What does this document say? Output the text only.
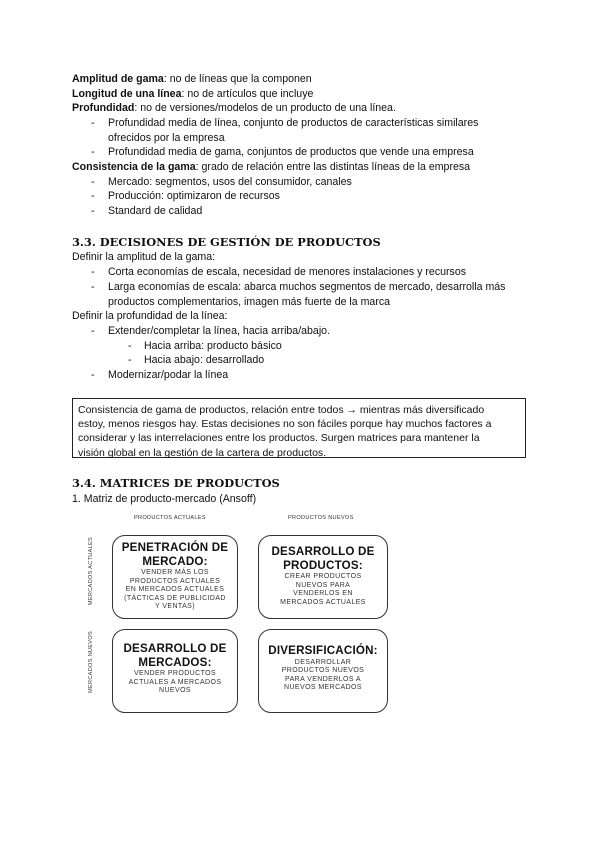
Amplitud de gama: no de líneas que la componen
Longitud de una línea: no de artículos que incluye
Profundidad: no de versiones/modelos de un producto de una línea.
- Profundidad media de línea, conjunto de productos de características similares
ofrecidos por la empresa
- Profundidad media de gama, conjuntos de productos que vende una empresa
Consistencia de la gama: grado de relación entre las distintas líneas de la empresa
- Mercado: segmentos, usos del consumidor, canales
- Producción: optimizaron de recursos
- Standard de calidad
3.3. DECISIONES DE GESTIÓN DE PRODUCTOS
Definir la amplitud de la gama:
- Corta economías de escala, necesidad de menores instalaciones y recursos
- Larga economías de escala: abarca muchos segmentos de mercado, desarrolla más
productos complementarios, imagen más fuerte de la marca
Definir la profundidad de la línea:
- Extender/completar la línea, hacia arriba/abajo.
- Hacia arriba: producto básico
- Hacia abajo: desarrollado
- Modernizar/podar la línea

Consistencia de gama de productos, relación entre todos → mientras más diversificado

estoy, menos riesgos hay. Estas decisiones no son fáciles porque hay muchos factores a

considerar y las interrelaciones entre los productos. Surgen matrices para mantener la

visión global en la gestión de la cartera de productos.

3.4. MATRICES DE PRODUCTOS
1. Matriz de producto-mercado (Ansoff)
PRODUCTOS ACTUALES	PRODUCTOS NUEVOS
MERCADOS ACTUALES
MERCADOS NUEVOS
PENETRACIÓN DE
MERCADO:
VENDER MÁS LOS
PRODUCTOS ACTUALES
EN MERCADOS ACTUALES
(TÁCTICAS DE PUBLICIDAD
Y VENTAS)
DESARROLLO DE
PRODUCTOS:
CREAR PRODUCTOS
NUEVOS PARA
VENDERLOS EN
MERCADOS ACTUALES
DESARROLLO DE
MERCADOS:
VENDER PRODUCTOS
ACTUALES A MERCADOS
NUEVOS
DIVERSIFICACIÓN:
DESARROLLAR
PRODUCTOS NUEVOS
PARA VENDERLOS A
NUEVOS MERCADOS
